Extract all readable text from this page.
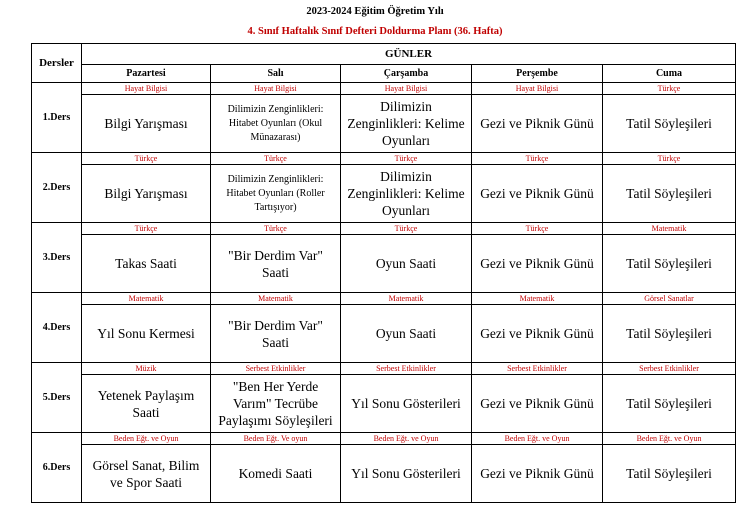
2023-2024 Eğitim Öğretim Yılı
4. Sınıf Haftalık Sınıf Defteri Doldurma Planı (36. Hafta)
Dersler	GÜNLER				
	Pazartesi	Salı	Çarşamba	Perşembe	Cuma
1.Ders	Hayat Bilgisi	Hayat Bilgisi	Hayat Bilgisi	Hayat Bilgisi	Türkçe
	Bilgi Yarışması	Dilimizin Zenginlikleri: Hitabet Oyunları (Okul Münazarası)	Dilimizin Zenginlikleri: Kelime Oyunları	Gezi ve Piknik Günü	Tatil Söyleşileri
2.Ders	Türkçe	Türkçe	Türkçe	Türkçe	Türkçe
	Bilgi Yarışması	Dilimizin Zenginlikleri: Hitabet Oyunları (Roller Tartışıyor)	Dilimizin Zenginlikleri: Kelime Oyunları	Gezi ve Piknik Günü	Tatil Söyleşileri
3.Ders	Türkçe	Türkçe	Türkçe	Türkçe	Matematik
	Takas Saati	"Bir Derdim Var" Saati	Oyun Saati	Gezi ve Piknik Günü	Tatil Söyleşileri
4.Ders	Matematik	Matematik	Matematik	Matematik	Görsel Sanatlar
	Yıl Sonu Kermesi	"Bir Derdim Var" Saati	Oyun Saati	Gezi ve Piknik Günü	Tatil Söyleşileri
5.Ders	Müzik	Serbest Etkinlikler	Serbest Etkinlikler	Serbest Etkinlikler	Serbest Etkinlikler
	Yetenek Paylaşım Saati	"Ben Her Yerde Varım" Tecrübe Paylaşımı Söyleşileri	Yıl Sonu Gösterileri	Gezi ve Piknik Günü	Tatil Söyleşileri
6.Ders	Beden Eğt. ve Oyun	Beden Eğt. Ve oyun	Beden Eğt. ve Oyun	Beden Eğt. ve Oyun	Beden Eğt. ve Oyun
	Görsel Sanat, Bilim ve Spor Saati	Komedi Saati	Yıl Sonu Gösterileri	Gezi ve Piknik Günü	Tatil Söyleşileri
